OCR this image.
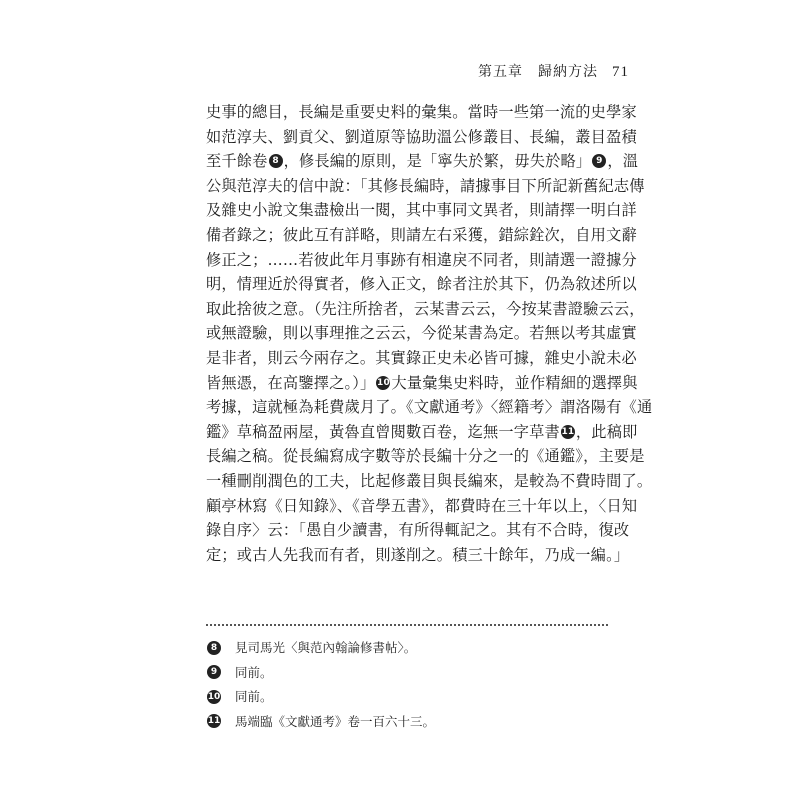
第五章　歸納方法 71
史事的總目，長編是重要史料的彙集。當時一些第一流的史學家
如范淳夫、劉貢父、劉道原等協助溫公修叢目、長編，叢目盈積
至千餘卷 8 ，修長編的原則，是「寧失於繁，毋失於略」 9 ，溫
公與范淳夫的信中說：「其修長編時，請據事目下所記新舊紀志傳
及雜史小說文集盡檢出一閱，其中事同文異者，則請擇一明白詳
備者錄之；彼此互有詳略，則請左右采獲，錯綜銓次，自用文辭
修正之；……若彼此年月事跡有相違戾不同者，則請選一證據分
明，情理近於得實者，修入正文，餘者注於其下，仍為敘述所以
取此捨彼之意。（先注所捨者，云某書云云，今按某書證驗云云，
或無證驗，則以事理推之云云，今從某書為定。若無以考其虛實
是非者，則云今兩存之。其實錄正史未必皆可據，雜史小說未必
皆無憑，在高鑒擇之。）」 10 大量彙集史料時，並作精細的選擇與
考據，這就極為耗費歲月了。《文獻通考》〈經籍考〉謂洛陽有《通
鑑》草稿盈兩屋，黃魯直曾閱數百卷，迄無一字草書 11 ，此稿即
長編之稿。從長編寫成字數等於長編十分之一的《通鑑》，主要是
一種刪削潤色的工夫，比起修叢目與長編來，是較為不費時間了。
顧亭林寫《日知錄》、《音學五書》，都費時在三十年以上，〈日知
錄自序〉云：「愚自少讀書，有所得輒記之。其有不合時，復改
定；或古人先我而有者，則遂削之。積三十餘年，乃成一編。」
8 見司馬光〈與范內翰論修書帖〉。
9 同前。
10 同前。
11 馬端臨《文獻通考》卷一百六十三。
